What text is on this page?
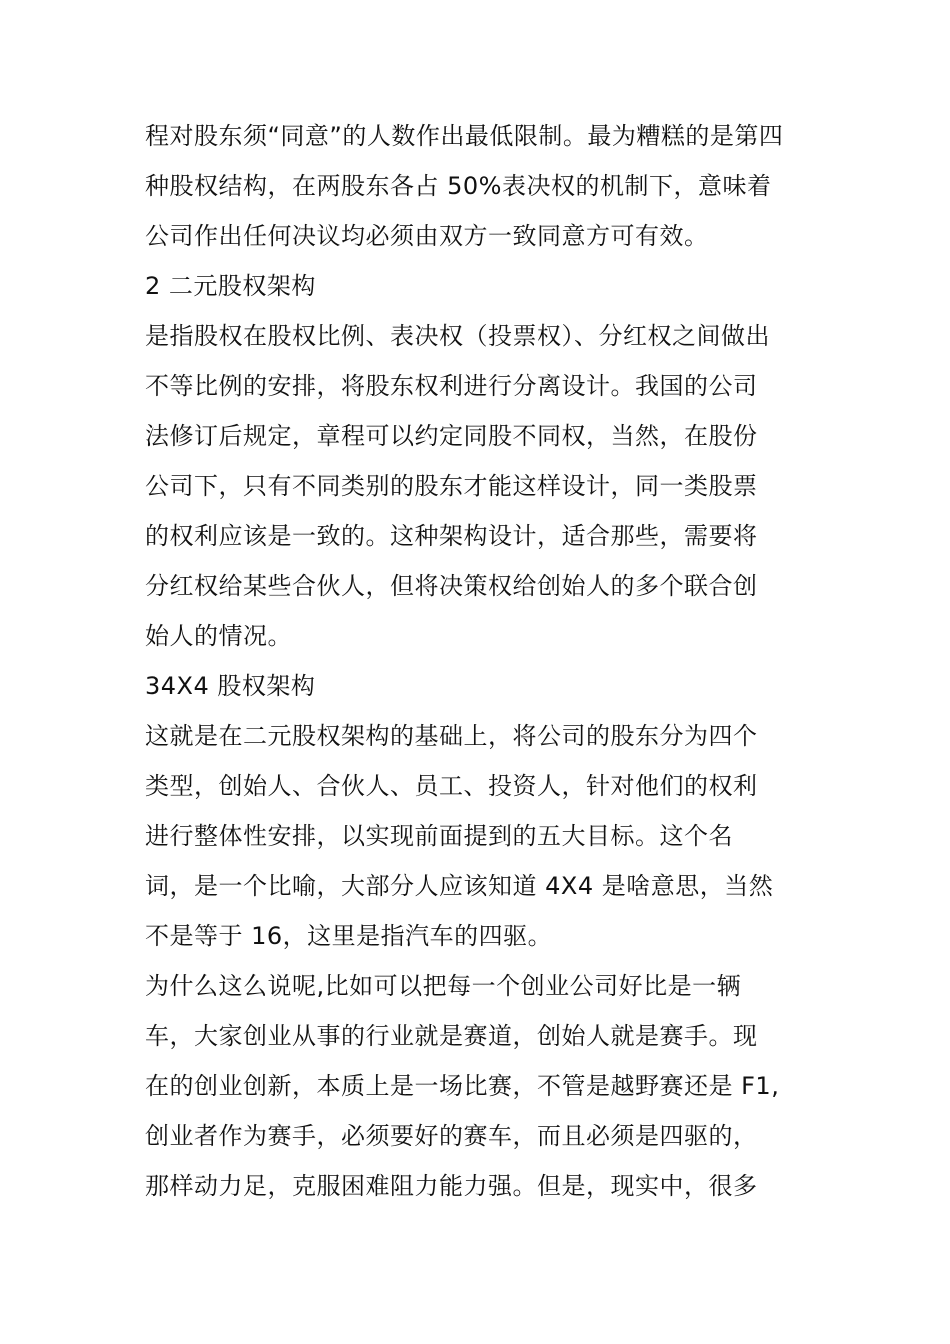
程对股东须“同意”的人数作出最低限制。最为糟糕的是第四
种股权结构，在两股东各占 50%表决权的机制下，意味着
公司作出任何决议均必须由双方一致同意方可有效。
2 二元股权架构
是指股权在股权比例、表决权（投票权）、分红权之间做出
不等比例的安排，将股东权利进行分离设计。我国的公司
法修订后规定，章程可以约定同股不同权，当然，在股份
公司下，只有不同类别的股东才能这样设计，同一类股票
的权利应该是一致的。这种架构设计，适合那些，需要将
分红权给某些合伙人，但将决策权给创始人的多个联合创
始人的情况。
34X4 股权架构
这就是在二元股权架构的基础上，将公司的股东分为四个
类型，创始人、合伙人、员工、投资人，针对他们的权利
进行整体性安排，以实现前面提到的五大目标。这个名
词，是一个比喻，大部分人应该知道 4X4 是啥意思，当然
不是等于 16，这里是指汽车的四驱。
为什么这么说呢,比如可以把每一个创业公司好比是一辆
车，大家创业从事的行业就是赛道，创始人就是赛手。现
在的创业创新，本质上是一场比赛，不管是越野赛还是 F1,
创业者作为赛手，必须要好的赛车，而且必须是四驱的，
那样动力足，克服困难阻力能力强。但是，现实中，很多
